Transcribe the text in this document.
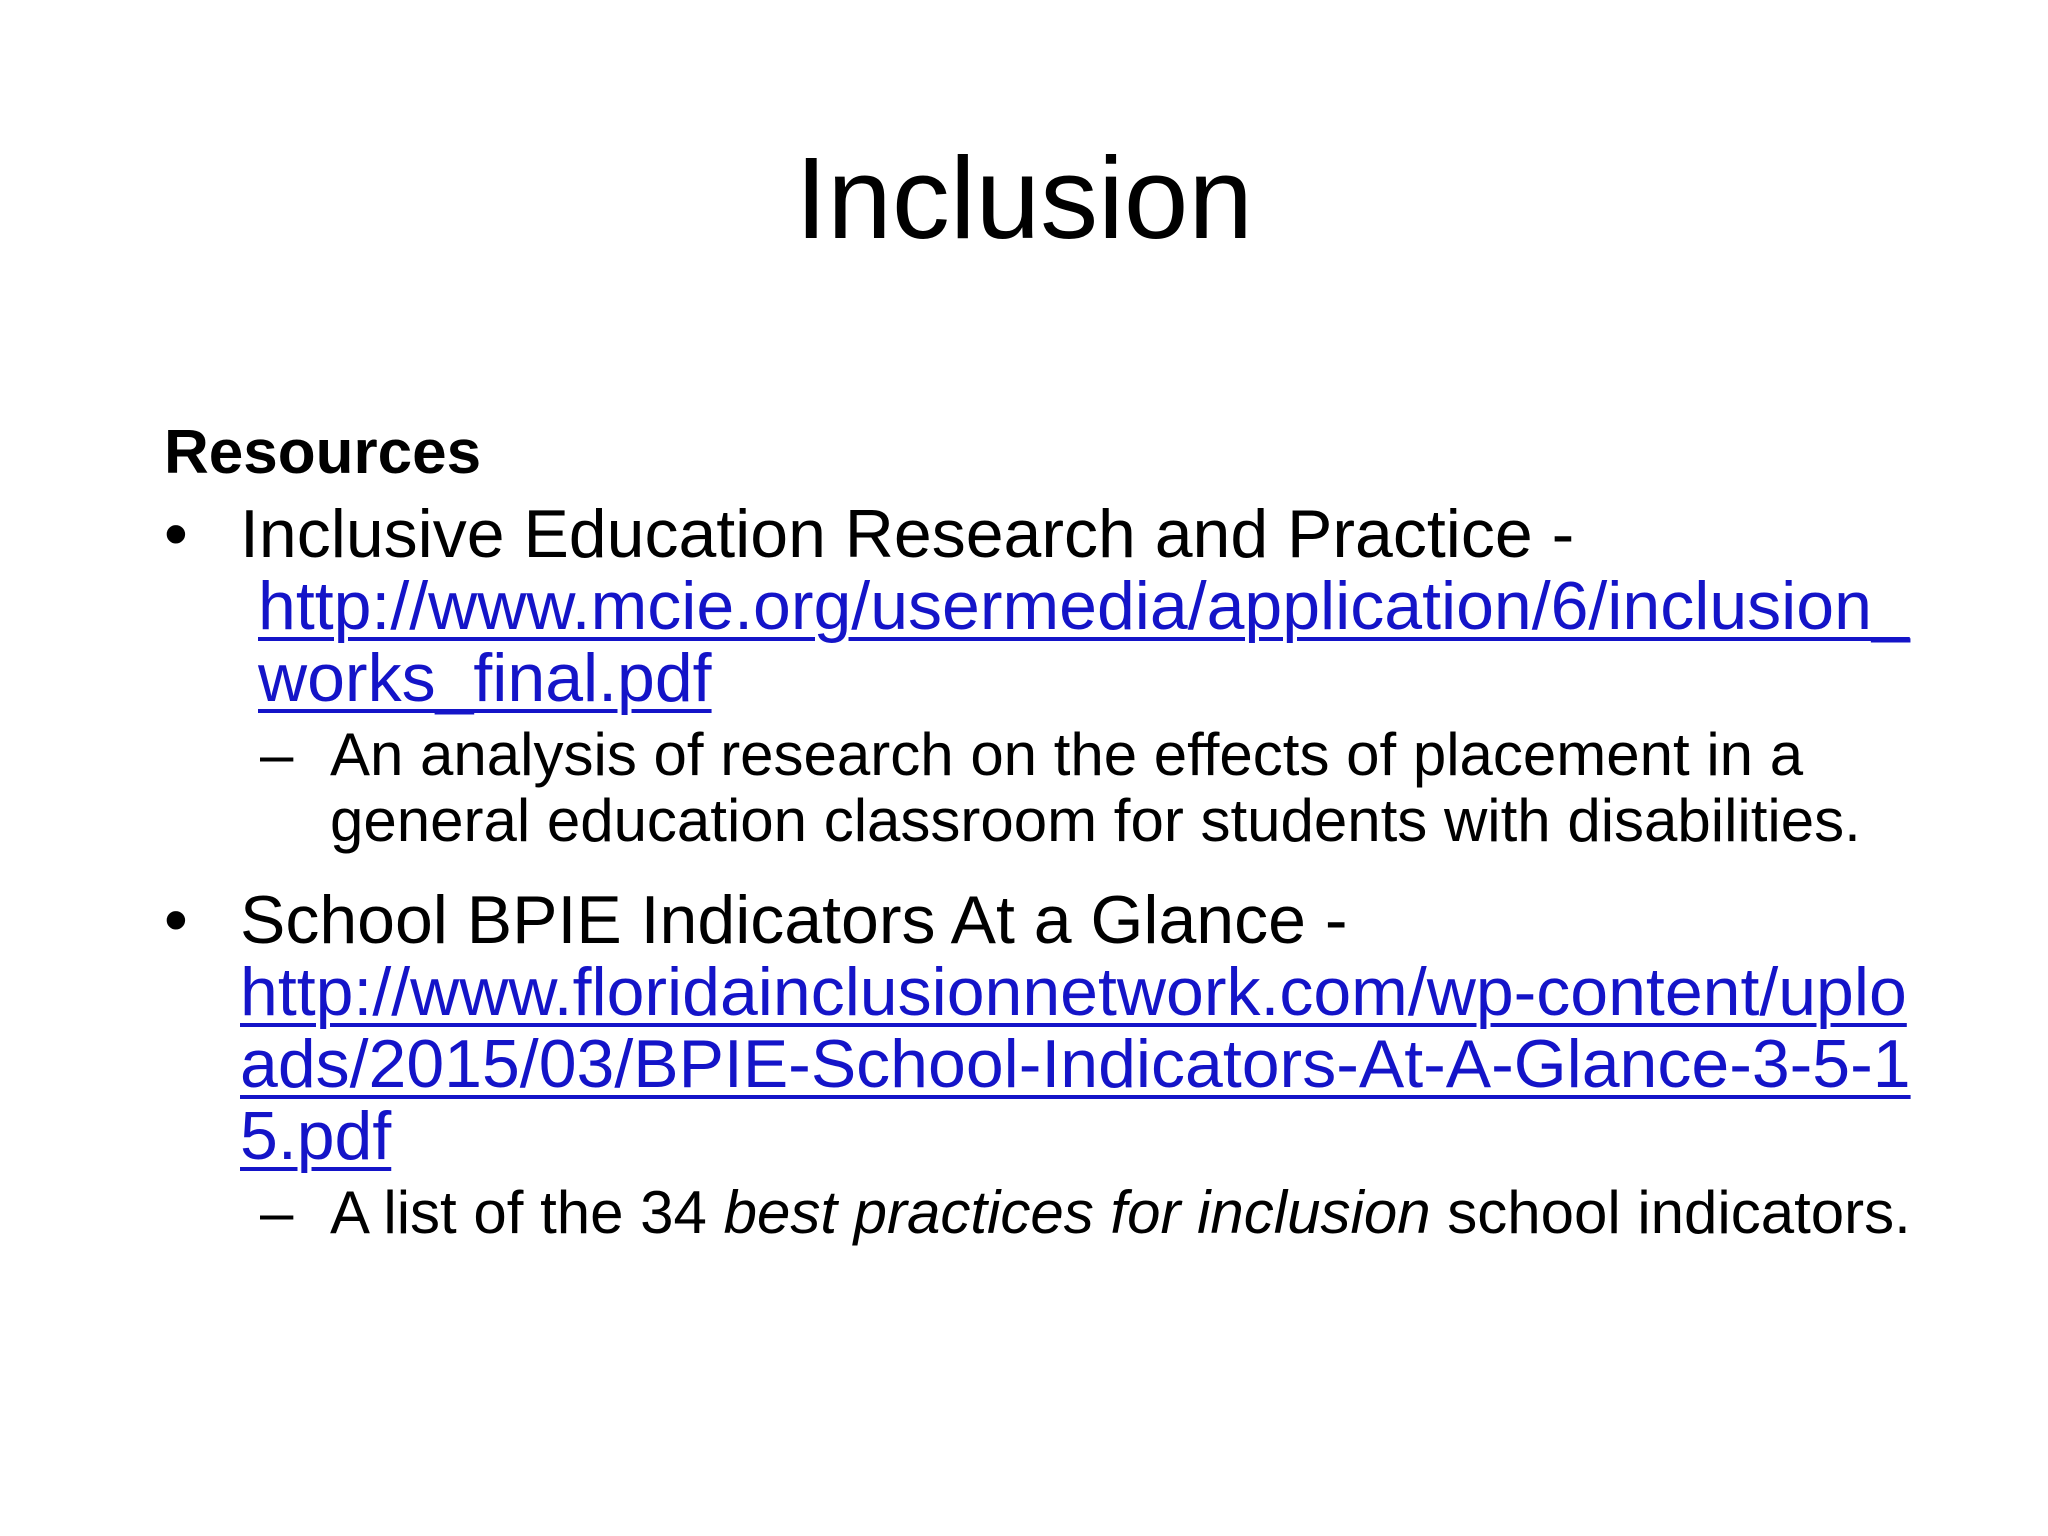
Inclusion
Resources
• Inclusive Education Research and Practice -
http://www.mcie.org/usermedia/application/6/inclusion_works_final.pdf
– An analysis of research on the effects of placement in a general education classroom for students with disabilities.
• School BPIE Indicators At a Glance -
http://www.floridainclusionnetwork.com/wp-content/uploads/2015/03/BPIE-School-Indicators-At-A-Glance-3-5-15.pdf
– A list of the 34 best practices for inclusion school indicators.
